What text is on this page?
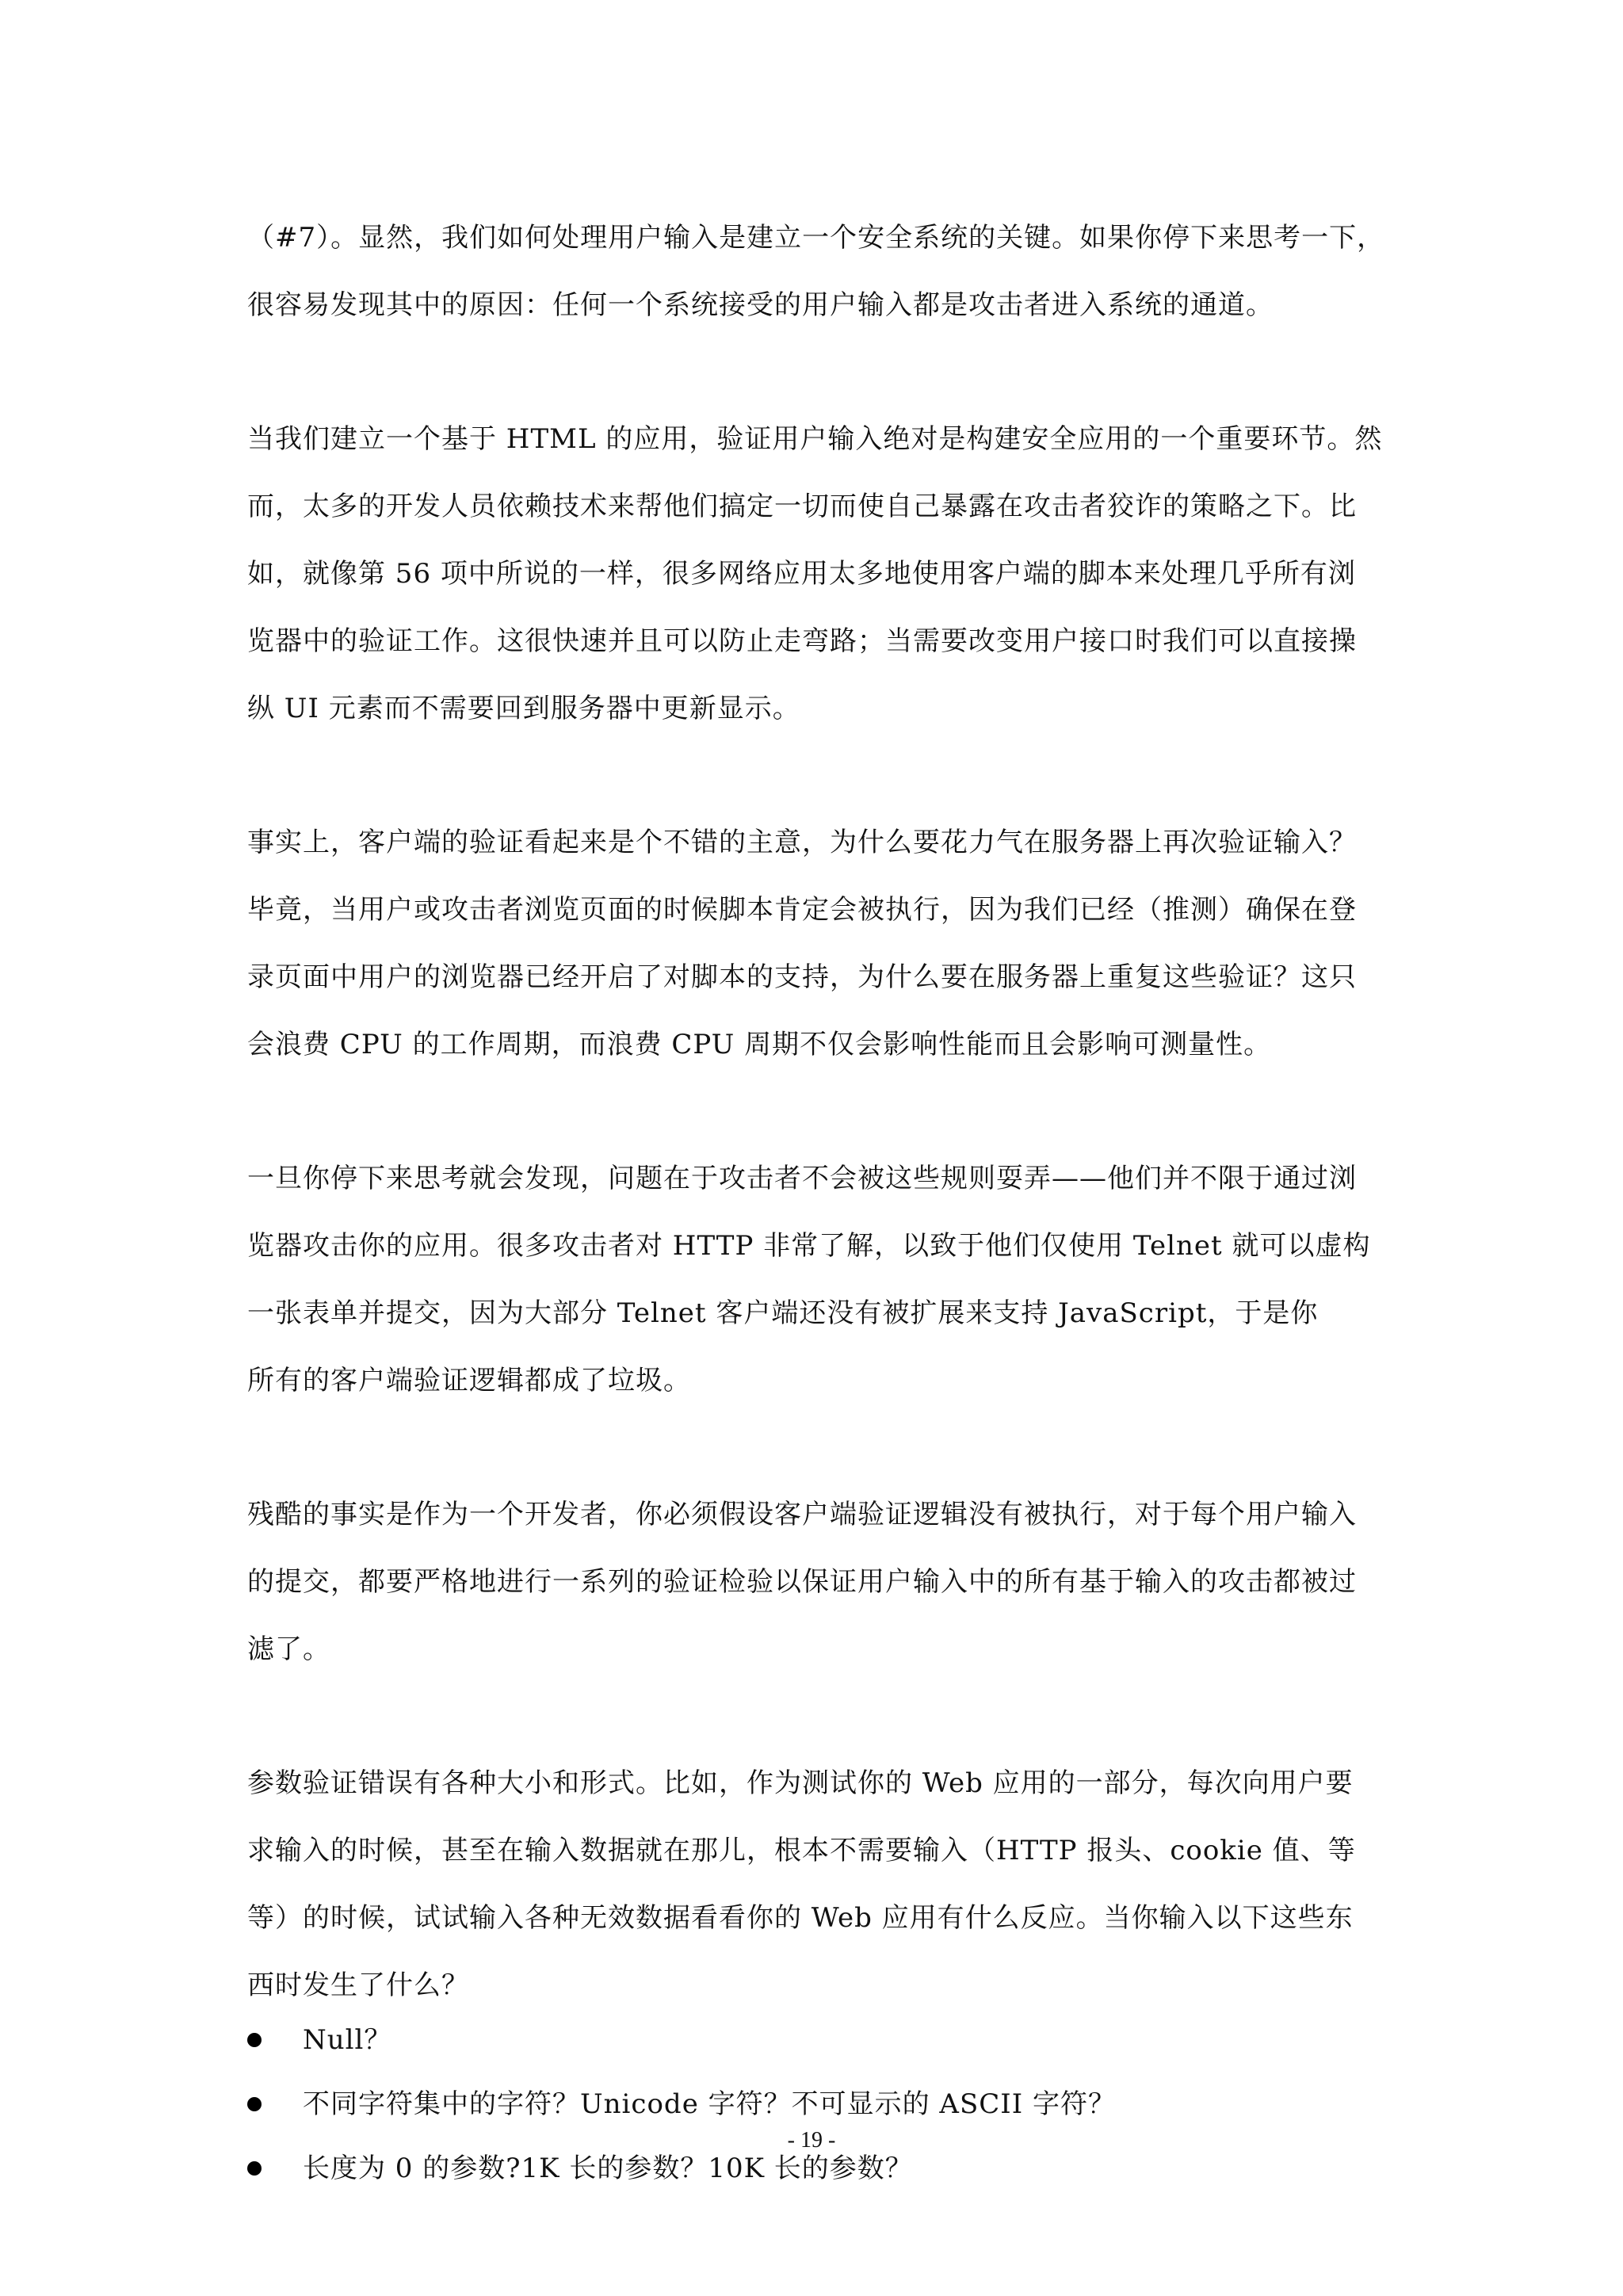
（#7）。显然，我们如何处理用户输入是建立一个安全系统的关键。如果你停下来思考一下，
很容易发现其中的原因：任何一个系统接受的用户输入都是攻击者进入系统的通道。

当我们建立一个基于 HTML 的应用，验证用户输入绝对是构建安全应用的一个重要环节。然
而，太多的开发人员依赖技术来帮他们搞定一切而使自己暴露在攻击者狡诈的策略之下。比
如，就像第 56 项中所说的一样，很多网络应用太多地使用客户端的脚本来处理几乎所有浏
览器中的验证工作。这很快速并且可以防止走弯路；当需要改变用户接口时我们可以直接操
纵 UI 元素而不需要回到服务器中更新显示。

事实上，客户端的验证看起来是个不错的主意，为什么要花力气在服务器上再次验证输入？
毕竟，当用户或攻击者浏览页面的时候脚本肯定会被执行，因为我们已经（推测）确保在登
录页面中用户的浏览器已经开启了对脚本的支持，为什么要在服务器上重复这些验证？这只
会浪费 CPU 的工作周期，而浪费 CPU 周期不仅会影响性能而且会影响可测量性。

一旦你停下来思考就会发现，问题在于攻击者不会被这些规则耍弄——他们并不限于通过浏
览器攻击你的应用。很多攻击者对 HTTP 非常了解，以致于他们仅使用 Telnet 就可以虚构
一张表单并提交，因为大部分 Telnet 客户端还没有被扩展来支持 JavaScript，于是你
所有的客户端验证逻辑都成了垃圾。

残酷的事实是作为一个开发者，你必须假设客户端验证逻辑没有被执行，对于每个用户输入
的提交，都要严格地进行一系列的验证检验以保证用户输入中的所有基于输入的攻击都被过
滤了。

参数验证错误有各种大小和形式。比如，作为测试你的 Web 应用的一部分，每次向用户要
求输入的时候，甚至在输入数据就在那儿，根本不需要输入（HTTP 报头、cookie 值、等
等）的时候，试试输入各种无效数据看看你的 Web 应用有什么反应。当你输入以下这些东
西时发生了什么？

Null？
不同字符集中的字符？Unicode 字符？不可显示的 ASCII 字符？
长度为 0 的参数?1K 长的参数？10K 长的参数？
- 19 -
